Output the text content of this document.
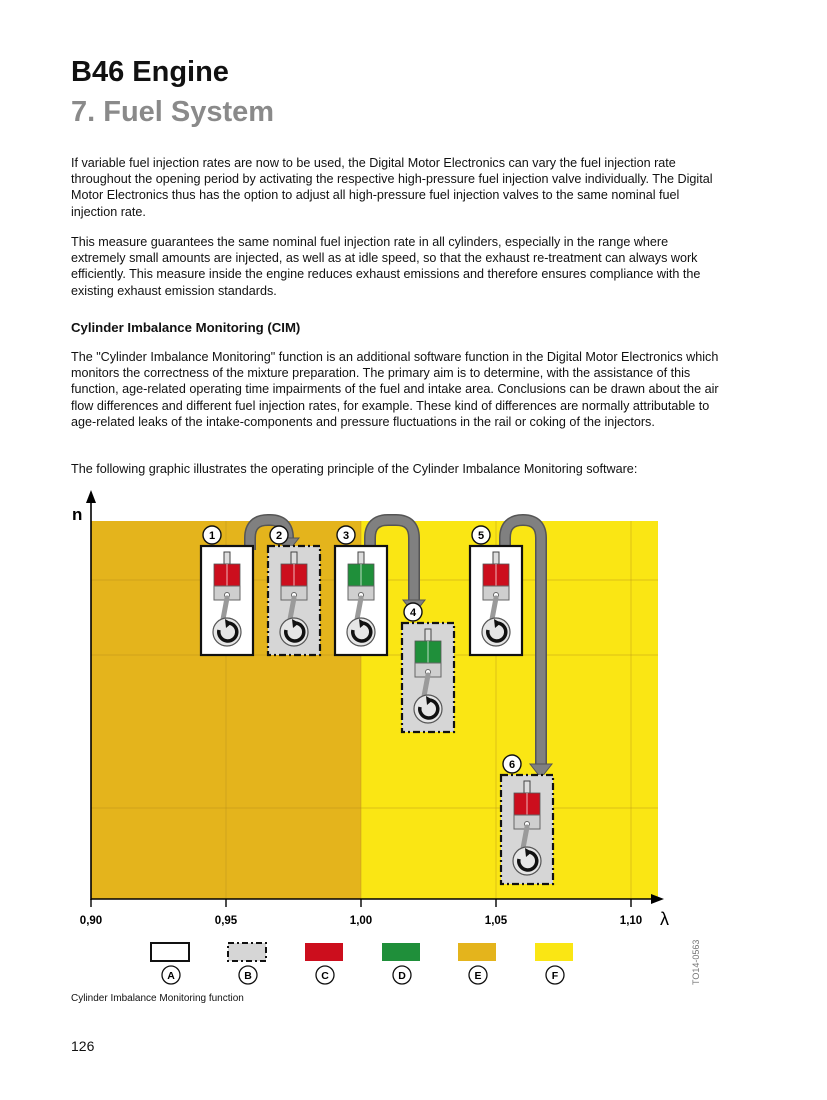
B46 Engine
7. Fuel System

If variable fuel injection rates are now to be used, the Digital Motor Electronics can vary the fuel injection rate throughout the opening period by activating the respective high-pressure fuel injection valve individually. The Digital Motor Electronics thus has the option to adjust all high-pressure fuel injection valves to the same nominal fuel injection rate.

This measure guarantees the same nominal fuel injection rate in all cylinders, especially in the range where extremely small amounts are injected, as well as at idle speed, so that the exhaust re-treatment can always work efficiently. This measure inside the engine reduces exhaust emissions and therefore ensures compliance with the existing exhaust emission standards.

Cylinder Imbalance Monitoring (CIM)

The "Cylinder Imbalance Monitoring" function is an additional software function in the Digital Motor Electronics which monitors the correctness of the mixture preparation. The primary aim is to determine, with the assistance of this function, age-related operating time impairments of the fuel and intake area. Conclusions can be drawn about the air flow differences and different fuel injection rates, for example. These kind of differences are normally attributable to age-related leaks of the intake-components and pressure fluctuations in the rail or coking of the injectors.

The following graphic illustrates the operating principle of the Cylinder Imbalance Monitoring software:

n
λ
0,90	0,95	1,00	1,05	1,10
1	2	3
4
5
6
A	B	C	D	E	F	TO14-0563

Cylinder Imbalance Monitoring function

126
